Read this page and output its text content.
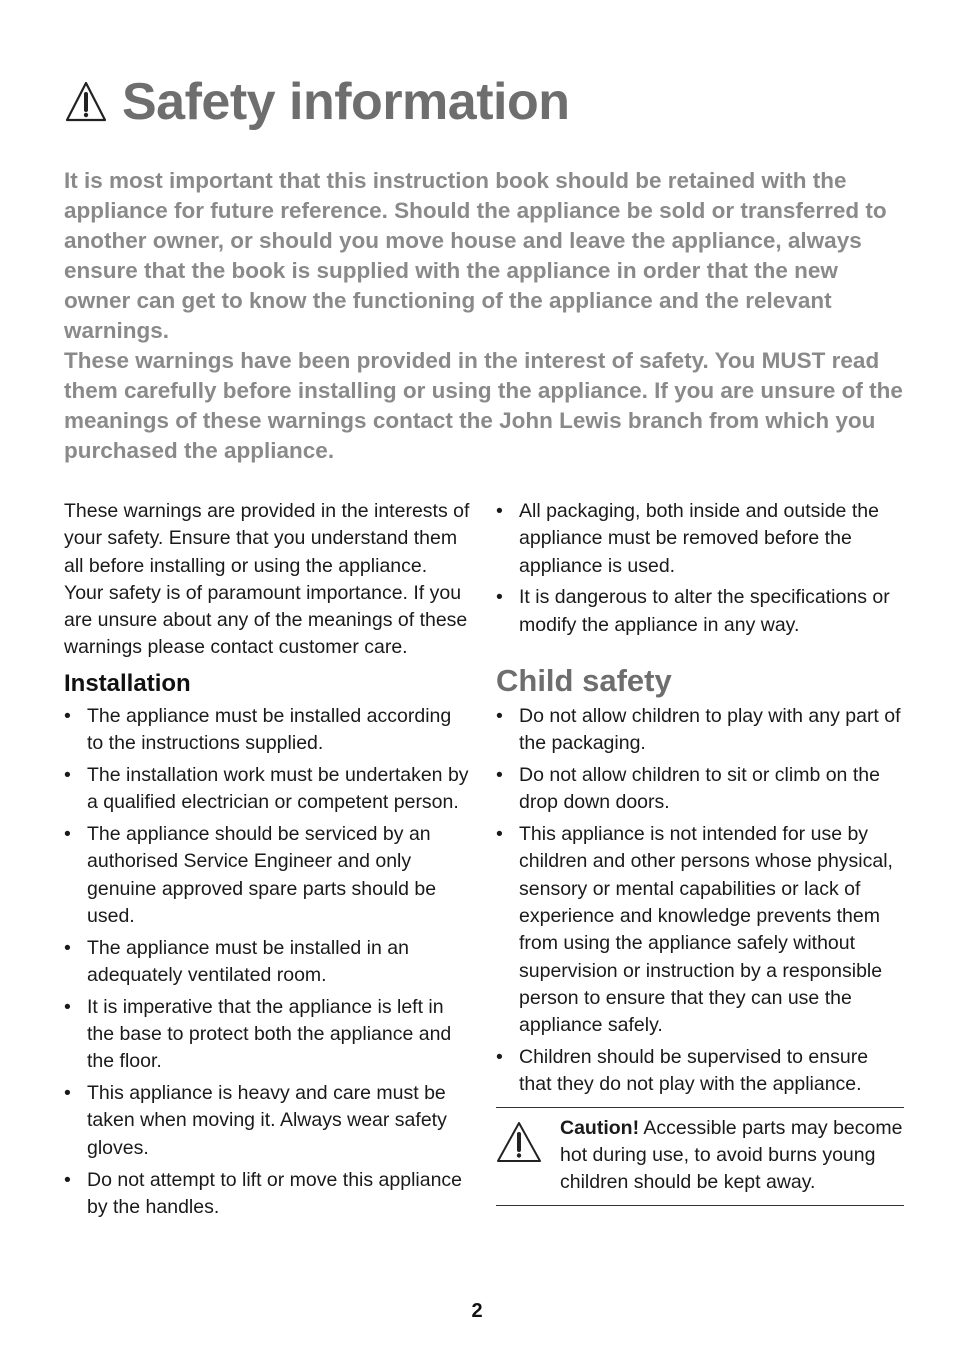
Safety information

It is most important that this instruction book should be retained with the appliance for future reference. Should the appliance be sold or transferred to another owner, or should you move house and leave the appliance, always ensure that the book is supplied with the appliance in order that the new owner can get to know the functioning of the appliance and the relevant warnings.

These warnings have been provided in the interest of safety. You MUST read them carefully before installing or using the appliance. If you are unsure of the meanings of these warnings contact the John Lewis branch from which you purchased the appliance.

These warnings are provided in the interests of your safety. Ensure that you understand them all before installing or using the appliance.

Your safety is of paramount importance. If you are unsure about any of the meanings of these warnings please contact customer care.

Installation
• The appliance must be installed according to the instructions supplied.
• The installation work must be undertaken by a qualified electrician or competent person.
• The appliance should be serviced by an authorised Service Engineer and only genuine approved spare parts should be used.
• The appliance must be installed in an adequately ventilated room.
• It is imperative that the appliance is left in the base to protect both the appliance and the floor.
• This appliance is heavy and care must be taken when moving it. Always wear safety gloves.
• Do not attempt to lift or move this appliance by the handles.
• All packaging, both inside and outside the appliance must be removed before the appliance is used.
• It is dangerous to alter the specifications or modify the appliance in any way.
Child safety
• Do not allow children to play with any part of the packaging.
• Do not allow children to sit or climb on the drop down doors.
• This appliance is not intended for use by children and other persons whose physical, sensory or mental capabilities or lack of experience and knowledge prevents them from using the appliance safely without supervision or instruction by a responsible person to ensure that they can use the appliance safely.
• Children should be supervised to ensure that they do not play with the appliance.
Caution! Accessible parts may become hot during use, to avoid burns young children should be kept away.
2
